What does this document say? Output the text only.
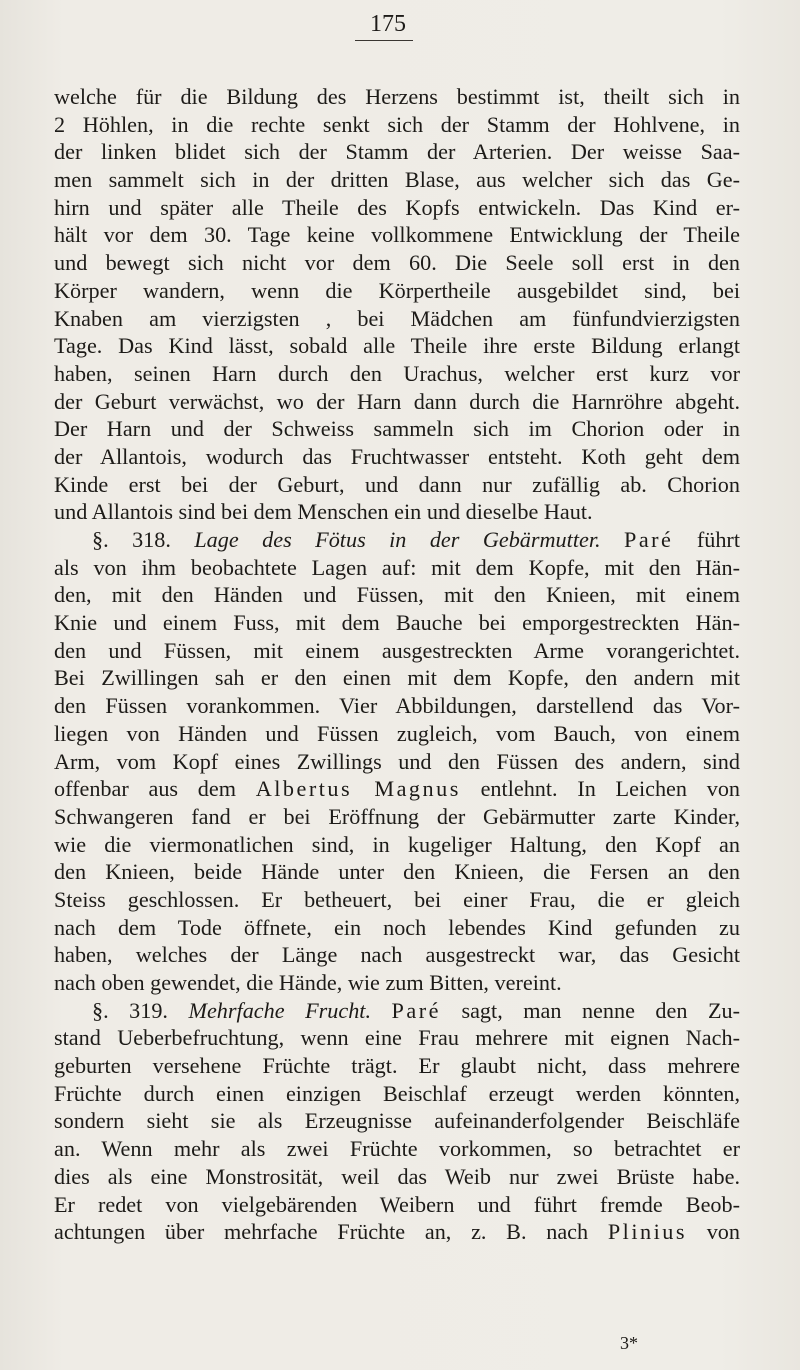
175
welche für die Bildung des Herzens bestimmt ist, theilt sich in
2 Höhlen, in die rechte senkt sich der Stamm der Hohlvene, in
der linken blidet sich der Stamm der Arterien. Der weisse Saa-
men sammelt sich in der dritten Blase, aus welcher sich das Ge-
hirn und später alle Theile des Kopfs entwickeln. Das Kind er-
hält vor dem 30. Tage keine vollkommene Entwicklung der Theile
und bewegt sich nicht vor dem 60. Die Seele soll erst in den
Körper wandern, wenn die Körpertheile ausgebildet sind, bei
Knaben am vierzigsten , bei Mädchen am fünfundvierzigsten
Tage. Das Kind lässt, sobald alle Theile ihre erste Bildung erlangt
haben, seinen Harn durch den Urachus, welcher erst kurz vor
der Geburt verwächst, wo der Harn dann durch die Harnröhre abgeht.
Der Harn und der Schweiss sammeln sich im Chorion oder in
der Allantois, wodurch das Fruchtwasser entsteht. Koth geht dem
Kinde erst bei der Geburt, und dann nur zufällig ab. Chorion
und Allantois sind bei dem Menschen ein und dieselbe Haut.
§. 318. Lage des Fötus in der Gebärmutter. Paré führt
als von ihm beobachtete Lagen auf: mit dem Kopfe, mit den Hän-
den, mit den Händen und Füssen, mit den Knieen, mit einem
Knie und einem Fuss, mit dem Bauche bei emporgestreckten Hän-
den und Füssen, mit einem ausgestreckten Arme vorangerichtet.
Bei Zwillingen sah er den einen mit dem Kopfe, den andern mit
den Füssen vorankommen. Vier Abbildungen, darstellend das Vor-
liegen von Händen und Füssen zugleich, vom Bauch, von einem
Arm, vom Kopf eines Zwillings und den Füssen des andern, sind
offenbar aus dem Albertus Magnus entlehnt. In Leichen von
Schwangeren fand er bei Eröffnung der Gebärmutter zarte Kinder,
wie die viermonatlichen sind, in kugeliger Haltung, den Kopf an
den Knieen, beide Hände unter den Knieen, die Fersen an den
Steiss geschlossen. Er betheuert, bei einer Frau, die er gleich
nach dem Tode öffnete, ein noch lebendes Kind gefunden zu
haben, welches der Länge nach ausgestreckt war, das Gesicht
nach oben gewendet, die Hände, wie zum Bitten, vereint.
§. 319. Mehrfache Frucht. Paré sagt, man nenne den Zu-
stand Ueberbefruchtung, wenn eine Frau mehrere mit eignen Nach-
geburten versehene Früchte trägt. Er glaubt nicht, dass mehrere
Früchte durch einen einzigen Beischlaf erzeugt werden könnten,
sondern sieht sie als Erzeugnisse aufeinanderfolgender Beischläfe
an. Wenn mehr als zwei Früchte vorkommen, so betrachtet er
dies als eine Monstrosität, weil das Weib nur zwei Brüste habe.
Er redet von vielgebärenden Weibern und führt fremde Beob-
achtungen über mehrfache Früchte an, z. B. nach Plinius von
3*
